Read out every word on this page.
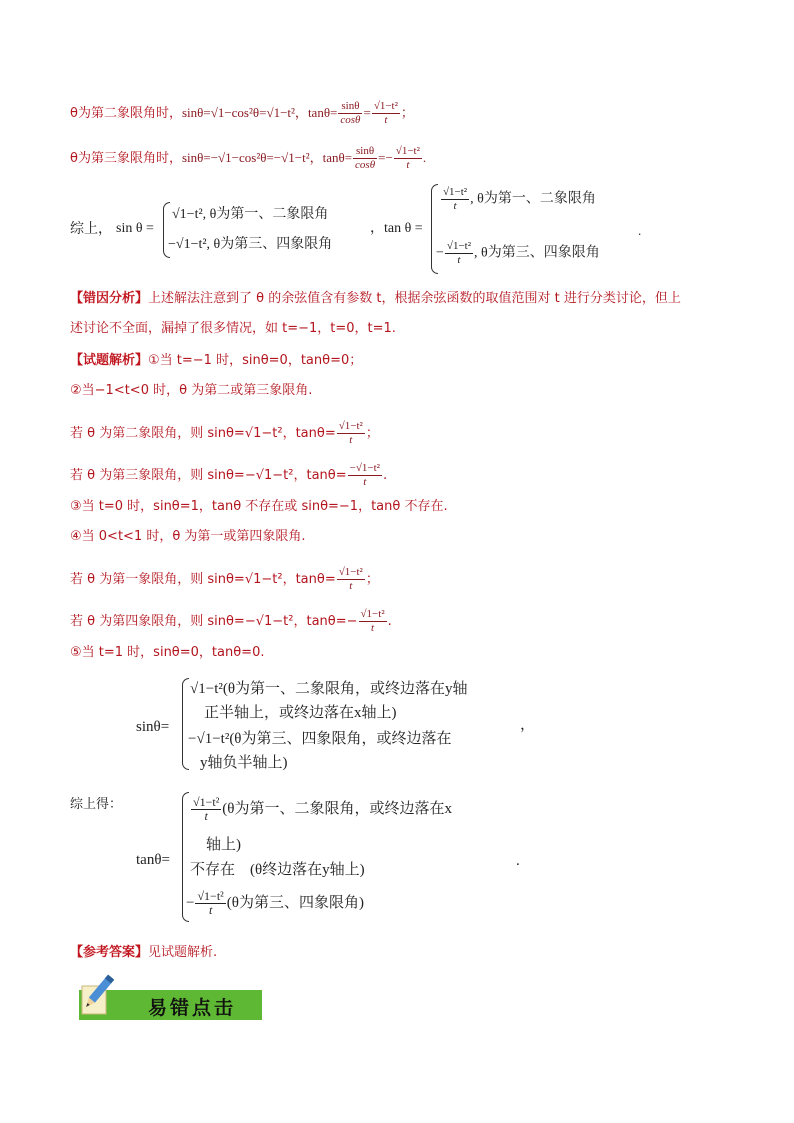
θ为第二象限角时，sinθ=√1−cos²θ=√1−t²，$\tan\theta= \frac{\sin\theta}{\cos\theta} = \frac{\text{√1−t²}}{t}$ ；
θ为第三象限角时，sinθ=−√1−cos²θ=−√1−t²，$\tan\theta= \frac{\sin\theta}{\cos\theta} =- \frac{\text{√1−t²}}{t}$ .
综上， sin θ =
√1−t², θ为第一、二象限角
−√1−t², θ为第三、四象限角
， tan θ =
$\frac{\text{√1−t²}}{t}$ , θ为第一、二象限角
− $\frac{\text{√1−t²}}{t}$ , θ为第三、四象限角
.
【错因分析】上述解法注意到了 θ 的余弦值含有参数 t，根据余弦函数的取值范围对 t 进行分类讨论，但上
述讨论不全面，漏掉了很多情况，如 t=−1，t=0，t=1.
【试题解析】①当 t=−1 时，sinθ=0，tanθ=0；
②当−1<t<0 时，θ 为第二或第三象限角.
若 θ 为第二象限角，则 sinθ=√1−t²，$\tan\theta= \frac{\text{√1−t²}}{t}$ ；
若 θ 为第三象限角，则 sinθ=−√1−t²，$\tan\theta= \frac{\text{−√1−t²}}{t}$ .
③当 t=0 时，sinθ=1，tanθ 不存在或 sinθ=−1，tanθ 不存在.
④当 0<t<1 时，θ 为第一或第四象限角.
若 θ 为第一象限角，则 sinθ=√1−t²，$\tan\theta= \frac{\text{√1−t²}}{t}$ ；
若 θ 为第四象限角，则 sinθ=−√1−t²，$\tan\theta=- \frac{\text{√1−t²}}{t}$ .
⑤当 t=1 时，sinθ=0，tanθ=0.
sinθ=
√1−t²(θ为第一、二象限角，或终边落在y轴
正半轴上，或终边落在x轴上)
−√1−t²(θ为第三、四象限角，或终边落在
y轴负半轴上)
，
综上得：
tanθ=
$\frac{\text{√1−t²}}{t} (\theta$为第一、二象限角，或终边落在x
轴上)
不存在　(θ终边落在y轴上)
− $\frac{\text{√1−t²}}{t} (\theta$为第三、四象限角)
.
【参考答案】见试题解析.
易错点击
